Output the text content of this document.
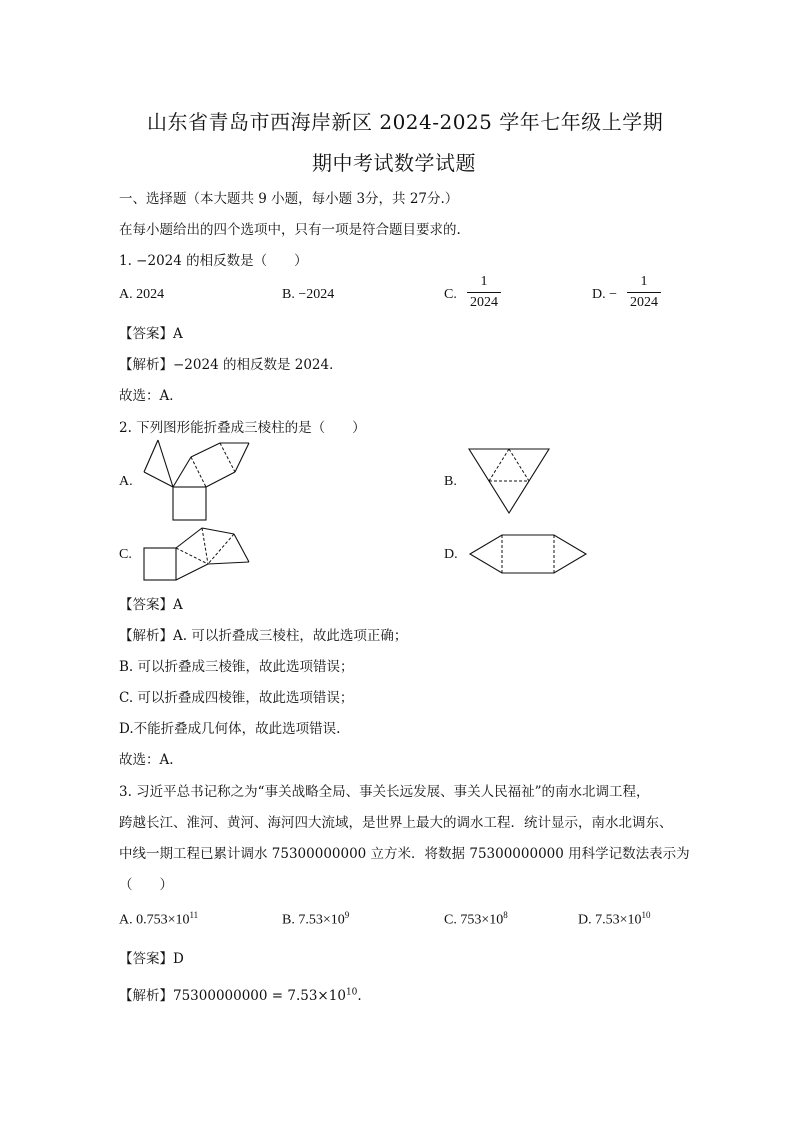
山东省青岛市西海岸新区 2024-2025 学年七年级上学期
期中考试数学试题
一、选择题（本大题共 9 小题，每小题 3分，共 27分.）
在每小题给出的四个选项中，只有一项是符合题目要求的.
1. −2024 的相反数是（　　）
A. 2024	B. −2024	C.
1
2024
D. −
1
2024
【答案】A
【解析】−2024 的相反数是 2024．
故选：A．
2. 下列图形能折叠成三棱柱的是（　　）
A.	B.
C.	D.
【答案】A
【解析】A. 可以折叠成三棱柱，故此选项正确；
B. 可以折叠成三棱锥，故此选项错误；
C. 可以折叠成四棱锥，故此选项错误；
D.不能折叠成几何体，故此选项错误.
故选：A.
3. 习近平总书记称之为“事关战略全局、事关长远发展、事关人民福祉”的南水北调工程，
跨越长江、淮河、黄河、海河四大流域，是世界上最大的调水工程．统计显示，南水北调东、
中线一期工程已累计调水 75300000000 立方米．将数据 75300000000 用科学记数法表示为
（　　）
A. $0.753\times 10^{11}$	B. $7.53\times 10^9$	C. $753\times 10^8$	D. $7.53\times 10^{10}$
【答案】D
【解析】$75300000000 = 7.53\times 10^{10}$.
